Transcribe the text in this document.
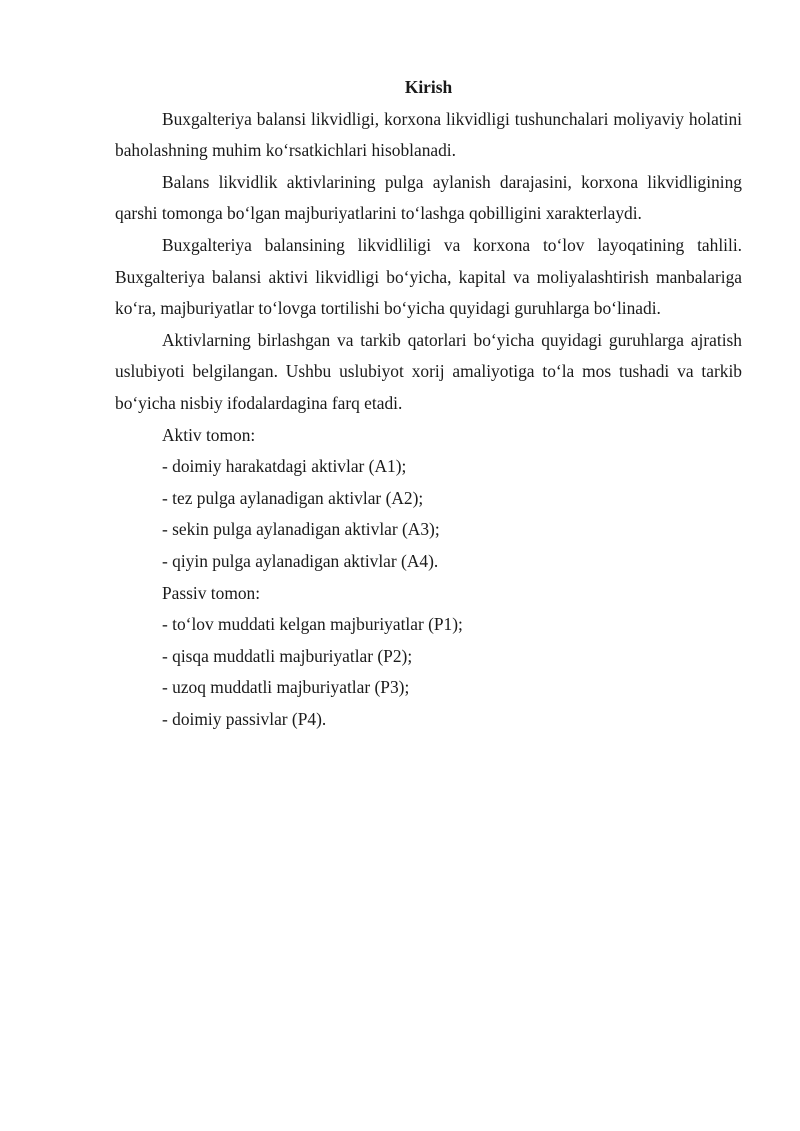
Kirish

Buxgalteriya balansi likvidligi, korxona likvidligi tushunchalari moliyaviy holatini baholashning muhim ko‘rsatkichlari hisoblanadi.

Balans likvidlik aktivlarining pulga aylanish darajasini, korxona likvidligining qarshi tomonga bo‘lgan majburiyatlarini to‘lashga qobilligini xarakterlaydi.

Buxgalteriya balansining likvidliligi va korxona to‘lov layoqatining tahlili. Buxgalteriya balansi aktivi likvidligi bo‘yicha, kapital va moliyalashtirish manbalariga ko‘ra, majburiyatlar to‘lovga tortilishi bo‘yicha quyidagi guruhlarga bo‘linadi.

Aktivlarning birlashgan va tarkib qatorlari bo‘yicha quyidagi guruhlarga ajratish uslubiyoti belgilangan. Ushbu uslubiyot xorij amaliyotiga to‘la mos tushadi va tarkib bo‘yicha nisbiy ifodalardagina farq etadi.

Aktiv tomon:

- doimiy harakatdagi aktivlar (A1);

- tez pulga aylanadigan aktivlar (A2);

- sekin pulga aylanadigan aktivlar (A3);

- qiyin pulga aylanadigan aktivlar (A4).

Passiv tomon:

- to‘lov muddati kelgan majburiyatlar (P1);

- qisqa muddatli majburiyatlar (P2);

- uzoq muddatli majburiyatlar (P3);

- doimiy passivlar (P4).
